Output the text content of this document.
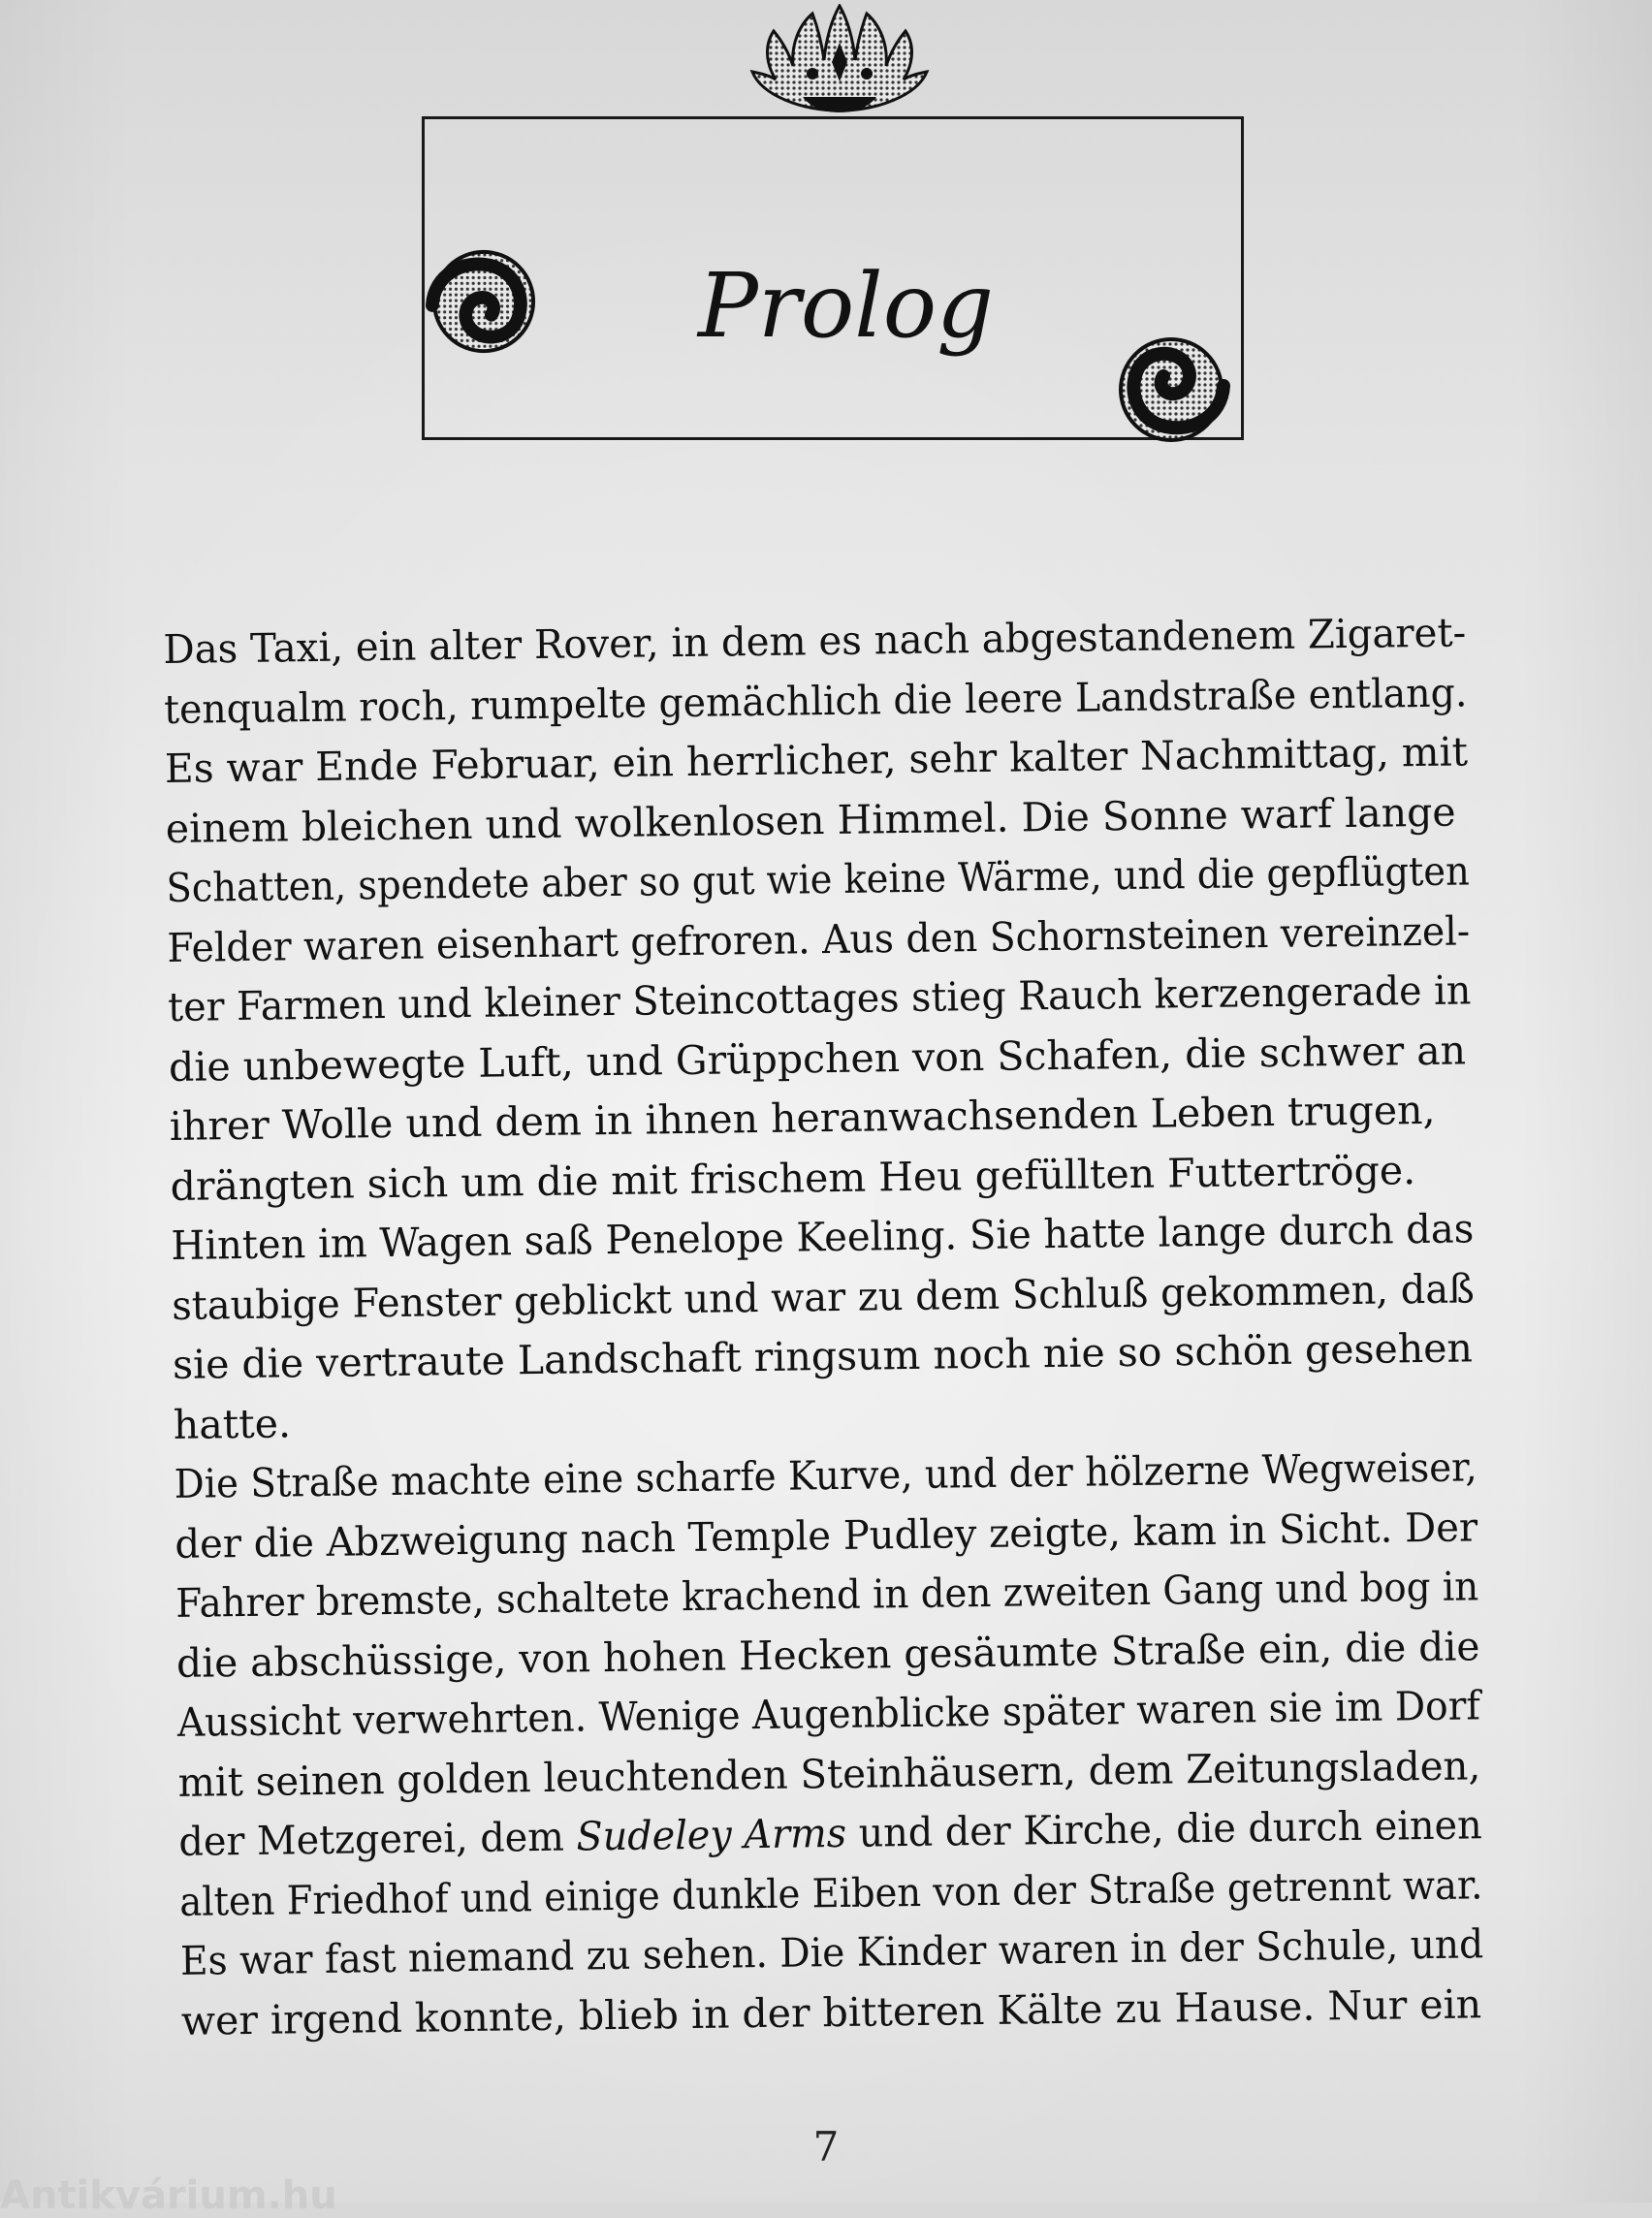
Prolog

Das Taxi, ein alter Rover, in dem es nach abgestandenem Zigaret-
tenqualm roch, rumpelte gemächlich die leere Landstraße entlang.
Es war Ende Februar, ein herrlicher, sehr kalter Nachmittag, mit
einem bleichen und wolkenlosen Himmel. Die Sonne warf lange
Schatten, spendete aber so gut wie keine Wärme, und die gepflügten
Felder waren eisenhart gefroren. Aus den Schornsteinen vereinzel-
ter Farmen und kleiner Steincottages stieg Rauch kerzengerade in
die unbewegte Luft, und Grüppchen von Schafen, die schwer an
ihrer Wolle und dem in ihnen heranwachsenden Leben trugen,
drängten sich um die mit frischem Heu gefüllten Futtertröge.

Hinten im Wagen saß Penelope Keeling. Sie hatte lange durch das
staubige Fenster geblickt und war zu dem Schluß gekommen, daß
sie die vertraute Landschaft ringsum noch nie so schön gesehen
hatte.

Die Straße machte eine scharfe Kurve, und der hölzerne Wegweiser,
der die Abzweigung nach Temple Pudley zeigte, kam in Sicht. Der
Fahrer bremste, schaltete krachend in den zweiten Gang und bog in
die abschüssige, von hohen Hecken gesäumte Straße ein, die die
Aussicht verwehrten. Wenige Augenblicke später waren sie im Dorf
mit seinen golden leuchtenden Steinhäusern, dem Zeitungsladen,
der Metzgerei, dem Sudeley Arms und der Kirche, die durch einen
alten Friedhof und einige dunkle Eiben von der Straße getrennt war.
Es war fast niemand zu sehen. Die Kinder waren in der Schule, und
wer irgend konnte, blieb in der bitteren Kälte zu Hause. Nur ein

7
Antikvárium.hu
